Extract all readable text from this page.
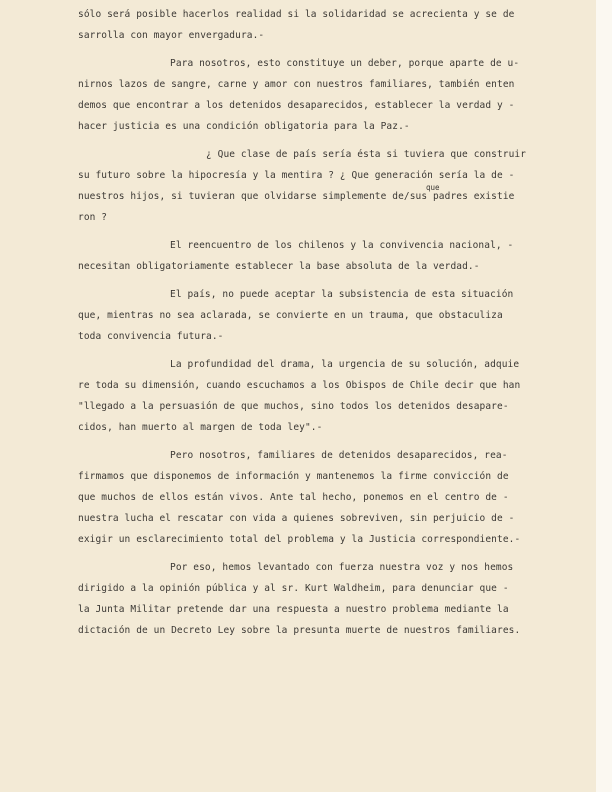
sólo será posible hacerlos realidad si la solidaridad se acrecienta y se de
sarrolla con mayor envergadura.-
Para nosotros, esto constituye un deber, porque aparte de u-
nirnos lazos de sangre, carne y amor con nuestros familiares, también enten
demos que encontrar a los detenidos desaparecidos, establecer la verdad y -
hacer justicia es una condición obligatoria para la Paz.-
¿ Que clase de país sería ésta si tuviera que construir
su futuro sobre la hipocresía y la mentira ? ¿ Que generación sería la de -
nuestros hijos, si tuvieran que olvidarse simplemente de/sus padres existie
ron ?
El reencuentro de los chilenos y la convivencia nacional, -
necesitan obligatoriamente establecer la base absoluta de la verdad.-
El país, no puede aceptar la subsistencia de esta situación
que, mientras no sea aclarada, se convierte en un trauma, que obstaculiza
toda convivencia futura.-
La profundidad del drama, la urgencia de su solución, adquie
re toda su dimensión, cuando escuchamos a los Obispos de Chile decir que han
"llegado a la persuasión de que muchos, sino todos los detenidos desapare-
cidos, han muerto al margen de toda ley".-
Pero nosotros, familiares de detenidos desaparecidos, rea-
firmamos que disponemos de información y mantenemos la firme convicción de
que muchos de ellos están vivos. Ante tal hecho, ponemos en el centro de -
nuestra lucha el rescatar con vida a quienes sobreviven, sin perjuicio de -
exigir un esclarecimiento total del problema y la Justicia correspondiente.-
Por eso, hemos levantado con fuerza nuestra voz y nos hemos
dirigido a la opinión pública y al sr. Kurt Waldheim, para denunciar que -
la Junta Militar pretende dar una respuesta a nuestro problema mediante la
dictación de un Decreto Ley sobre la presunta muerte de nuestros familiares.
que
